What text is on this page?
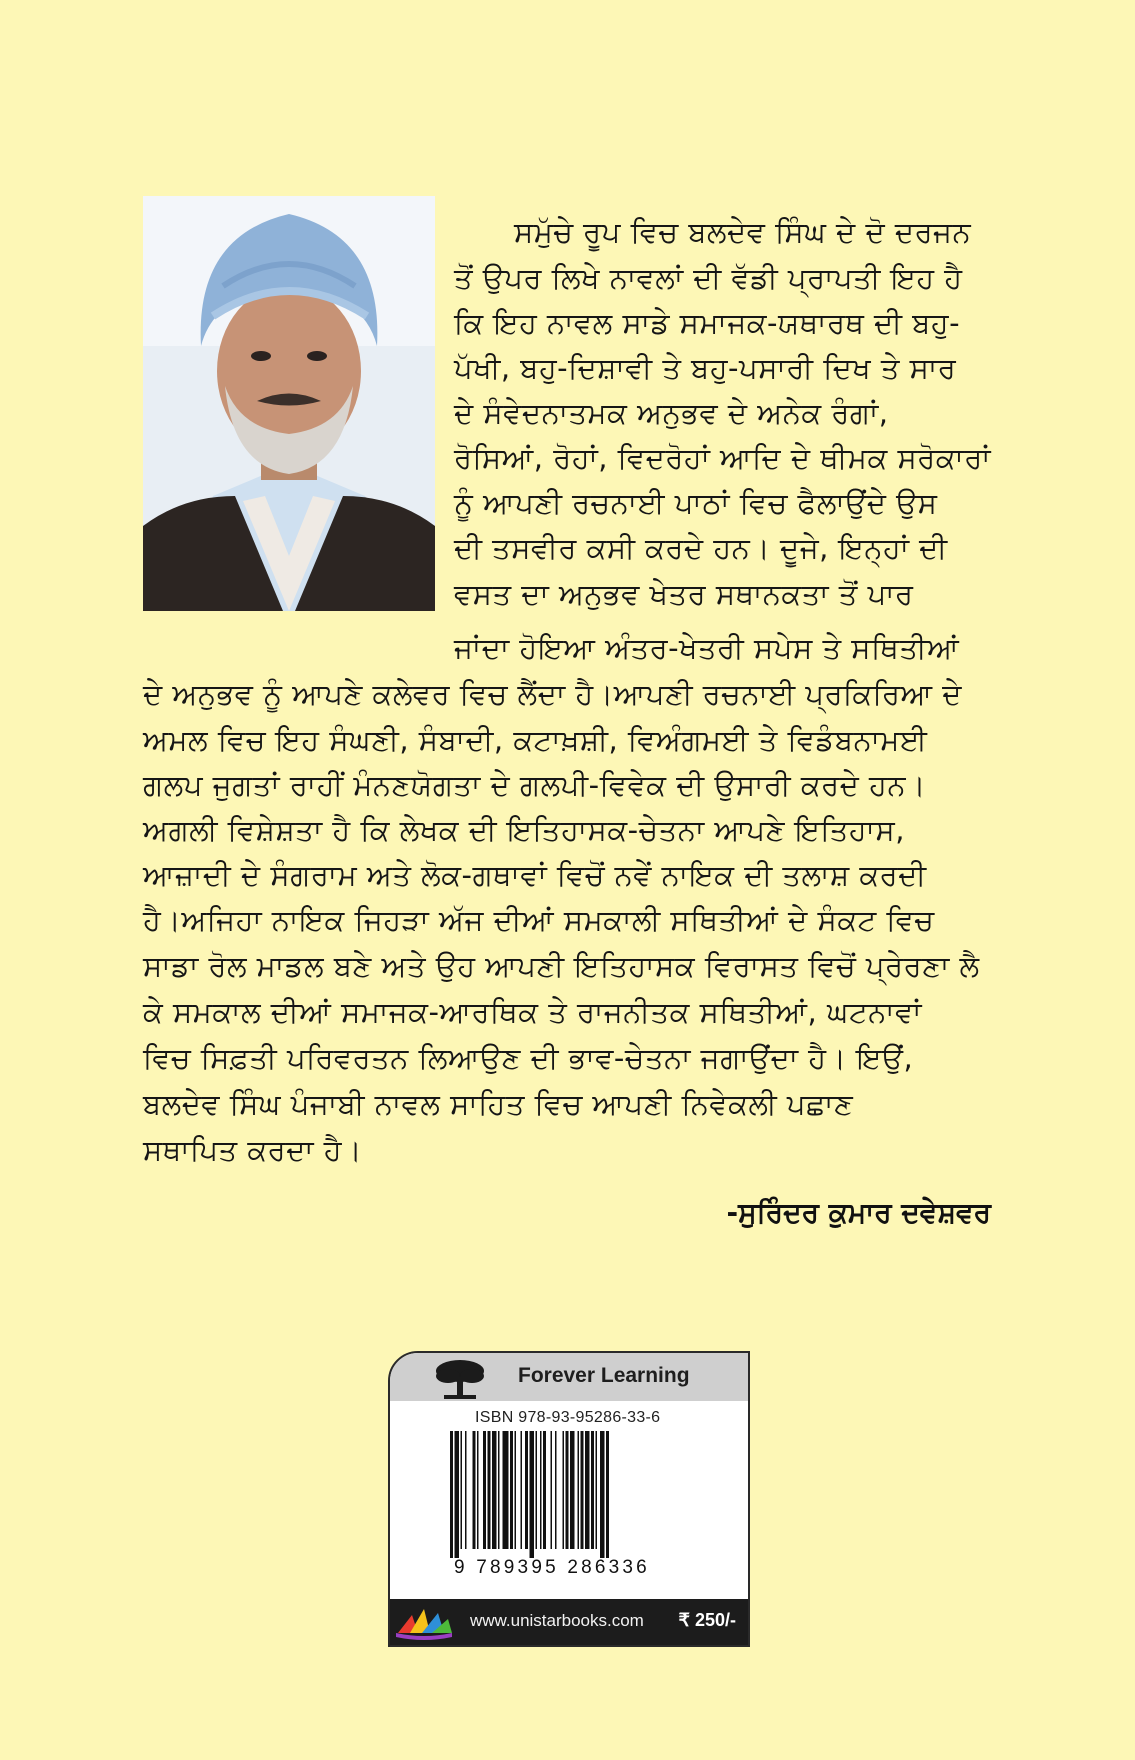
ਸਮੁੱਚੇ ਰੂਪ ਵਿਚ ਬਲਦੇਵ ਸਿੰਘ ਦੇ ਦੋ ਦਰਜਨ
ਤੋਂ ਉਪਰ ਲਿਖੇ ਨਾਵਲਾਂ ਦੀ ਵੱਡੀ ਪ੍ਰਾਪਤੀ ਇਹ ਹੈ
ਕਿ ਇਹ ਨਾਵਲ ਸਾਡੇ ਸਮਾਜਕ-ਯਥਾਰਥ ਦੀ ਬਹੁ-
ਪੱਖੀ, ਬਹੁ-ਦਿਸ਼ਾਵੀ ਤੇ ਬਹੁ-ਪਸਾਰੀ ਦਿਖ ਤੇ ਸਾਰ
ਦੇ ਸੰਵੇਦਨਾਤਮਕ ਅਨੁਭਵ ਦੇ ਅਨੇਕ ਰੰਗਾਂ,
ਰੋਸਿਆਂ, ਰੋਹਾਂ, ਵਿਦਰੋਹਾਂ ਆਦਿ ਦੇ ਥੀਮਕ ਸਰੋਕਾਰਾਂ
ਨੂੰ ਆਪਣੀ ਰਚਨਾਈ ਪਾਠਾਂ ਵਿਚ ਫੈਲਾਉਂਦੇ ਉਸ
ਦੀ ਤਸਵੀਰ ਕਸੀ ਕਰਦੇ ਹਨ। ਦੂਜੇ, ਇਨ੍ਹਾਂ ਦੀ
ਵਸਤ ਦਾ ਅਨੁਭਵ ਖੇਤਰ ਸਥਾਨਕਤਾ ਤੋਂ ਪਾਰ
ਜਾਂਦਾ ਹੋਇਆ ਅੰਤਰ-ਖੇਤਰੀ ਸਪੇਸ ਤੇ ਸਥਿਤੀਆਂ
ਦੇ ਅਨੁਭਵ ਨੂੰ ਆਪਣੇ ਕਲੇਵਰ ਵਿਚ ਲੈਂਦਾ ਹੈ।ਆਪਣੀ ਰਚਨਾਈ ਪ੍ਰਕਿਰਿਆ ਦੇ
ਅਮਲ ਵਿਚ ਇਹ ਸੰਘਣੀ, ਸੰਬਾਦੀ, ਕਟਾਖ਼ਸ਼ੀ, ਵਿਅੰਗਮਈ ਤੇ ਵਿਡੰਬਨਾਮਈ
ਗਲਪ ਜੁਗਤਾਂ ਰਾਹੀਂ ਮੰਨਣਯੋਗਤਾ ਦੇ ਗਲਪੀ-ਵਿਵੇਕ ਦੀ ਉਸਾਰੀ ਕਰਦੇ ਹਨ।
ਅਗਲੀ ਵਿਸ਼ੇਸ਼ਤਾ ਹੈ ਕਿ ਲੇਖਕ ਦੀ ਇਤਿਹਾਸਕ-ਚੇਤਨਾ ਆਪਣੇ ਇਤਿਹਾਸ,
ਆਜ਼ਾਦੀ ਦੇ ਸੰਗਰਾਮ ਅਤੇ ਲੋਕ-ਗਥਾਵਾਂ ਵਿਚੋਂ ਨਵੇਂ ਨਾਇਕ ਦੀ ਤਲਾਸ਼ ਕਰਦੀ
ਹੈ।ਅਜਿਹਾ ਨਾਇਕ ਜਿਹੜਾ ਅੱਜ ਦੀਆਂ ਸਮਕਾਲੀ ਸਥਿਤੀਆਂ ਦੇ ਸੰਕਟ ਵਿਚ
ਸਾਡਾ ਰੋਲ ਮਾਡਲ ਬਣੇ ਅਤੇ ਉਹ ਆਪਣੀ ਇਤਿਹਾਸਕ ਵਿਰਾਸਤ ਵਿਚੋਂ ਪ੍ਰੇਰਣਾ ਲੈ
ਕੇ ਸਮਕਾਲ ਦੀਆਂ ਸਮਾਜਕ-ਆਰਥਿਕ ਤੇ ਰਾਜਨੀਤਕ ਸਥਿਤੀਆਂ, ਘਟਨਾਵਾਂ
ਵਿਚ ਸਿਫ਼ਤੀ ਪਰਿਵਰਤਨ ਲਿਆਉਣ ਦੀ ਭਾਵ-ਚੇਤਨਾ ਜਗਾਉਂਦਾ ਹੈ। ਇਉਂ,
ਬਲਦੇਵ ਸਿੰਘ ਪੰਜਾਬੀ ਨਾਵਲ ਸਾਹਿਤ ਵਿਚ ਆਪਣੀ ਨਿਵੇਕਲੀ ਪਛਾਣ
ਸਥਾਪਿਤ ਕਰਦਾ ਹੈ।
-ਸੁਰਿੰਦਰ ਕੁਮਾਰ ਦਵੇਸ਼ਵਰ
Forever Learning
ISBN 978-93-95286-33-6
9 789395 286336
www.unistarbooks.com ₹ 250/-
